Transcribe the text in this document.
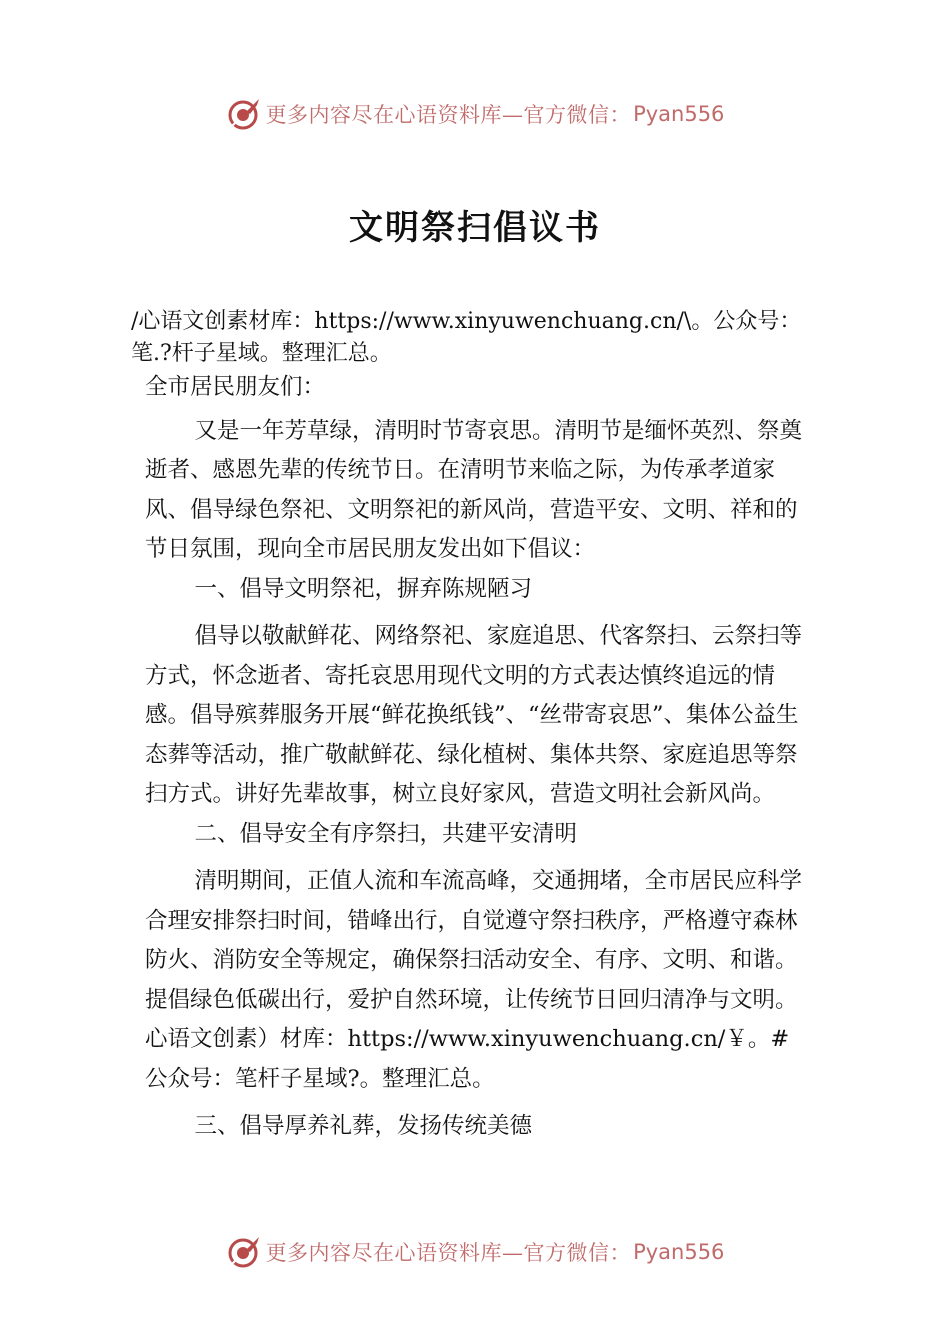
更多内容尽在心语资料库—官方微信： Pyan556
文明祭扫倡议书
/心语文创素材库：https://www.xinyuwenchuang.cn/\。公众号：笔.?杆子星域。整理汇总。

全市居民朋友们：

又是一年芳草绿，清明时节寄哀思。清明节是缅怀英烈、祭奠逝者、感恩先辈的传统节日。在清明节来临之际，为传承孝道家风、倡导绿色祭祀、文明祭祀的新风尚，营造平安、文明、祥和的节日氛围，现向全市居民朋友发出如下倡议：

一、倡导文明祭祀，摒弃陈规陋习

倡导以敬献鲜花、网络祭祀、家庭追思、代客祭扫、云祭扫等方式，怀念逝者、寄托哀思用现代文明的方式表达慎终追远的情感。倡导殡葬服务开展“鲜花换纸钱”、“丝带寄哀思”、集体公益生态葬等活动，推广敬献鲜花、绿化植树、集体共祭、家庭追思等祭扫方式。讲好先辈故事，树立良好家风，营造文明社会新风尚。

二、倡导安全有序祭扫，共建平安清明

清明期间，正值人流和车流高峰，交通拥堵，全市居民应科学合理安排祭扫时间，错峰出行，自觉遵守祭扫秩序，严格遵守森林防火、消防安全等规定，确保祭扫活动安全、有序、文明、和谐。提倡绿色低碳出行，爱护自然环境，让传统节日回归清净与文明。心语文创素）材库：https://www.xinyuwenchuang.cn/￥。#公众号：笔杆子星域?。整理汇总。

三、倡导厚养礼葬，发扬传统美德

更多内容尽在心语资料库—官方微信： Pyan556
